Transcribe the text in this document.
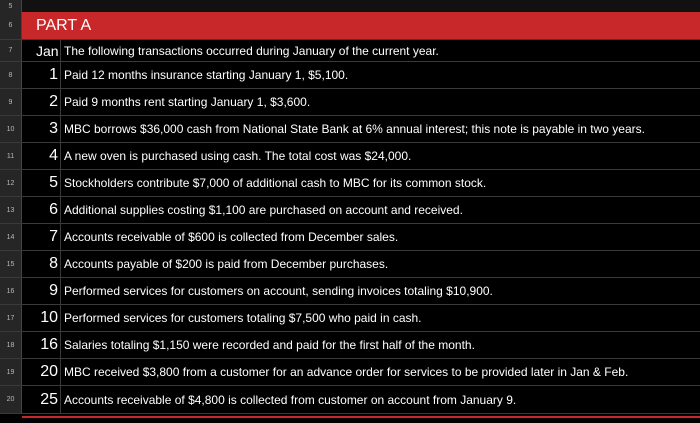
5
6	PART A
7	Jan The following transactions occurred during January of the current year.
8	1 Paid 12 months insurance starting January 1, $5,100.
9	2 Paid 9 months rent starting January 1, $3,600.
10	3 MBC borrows $36,000 cash from National State Bank at 6% annual interest; this note is payable in two years.
11	4 A new oven is purchased using cash. The total cost was $24,000.
12	5 Stockholders contribute $7,000 of additional cash to MBC for its common stock.
13	6 Additional supplies costing $1,100 are purchased on account and received.
14	7 Accounts receivable of $600 is collected from December sales.
15	8 Accounts payable of $200 is paid from December purchases.
16	9 Performed services for customers on account, sending invoices totaling $10,900.
17	10 Performed services for customers totaling $7,500 who paid in cash.
18	16 Salaries totaling $1,150 were recorded and paid for the first half of the month.
19	20 MBC received $3,800 from a customer for an advance order for services to be provided later in Jan & Feb.
20	25 Accounts receivable of $4,800 is collected from customer on account from January 9.
